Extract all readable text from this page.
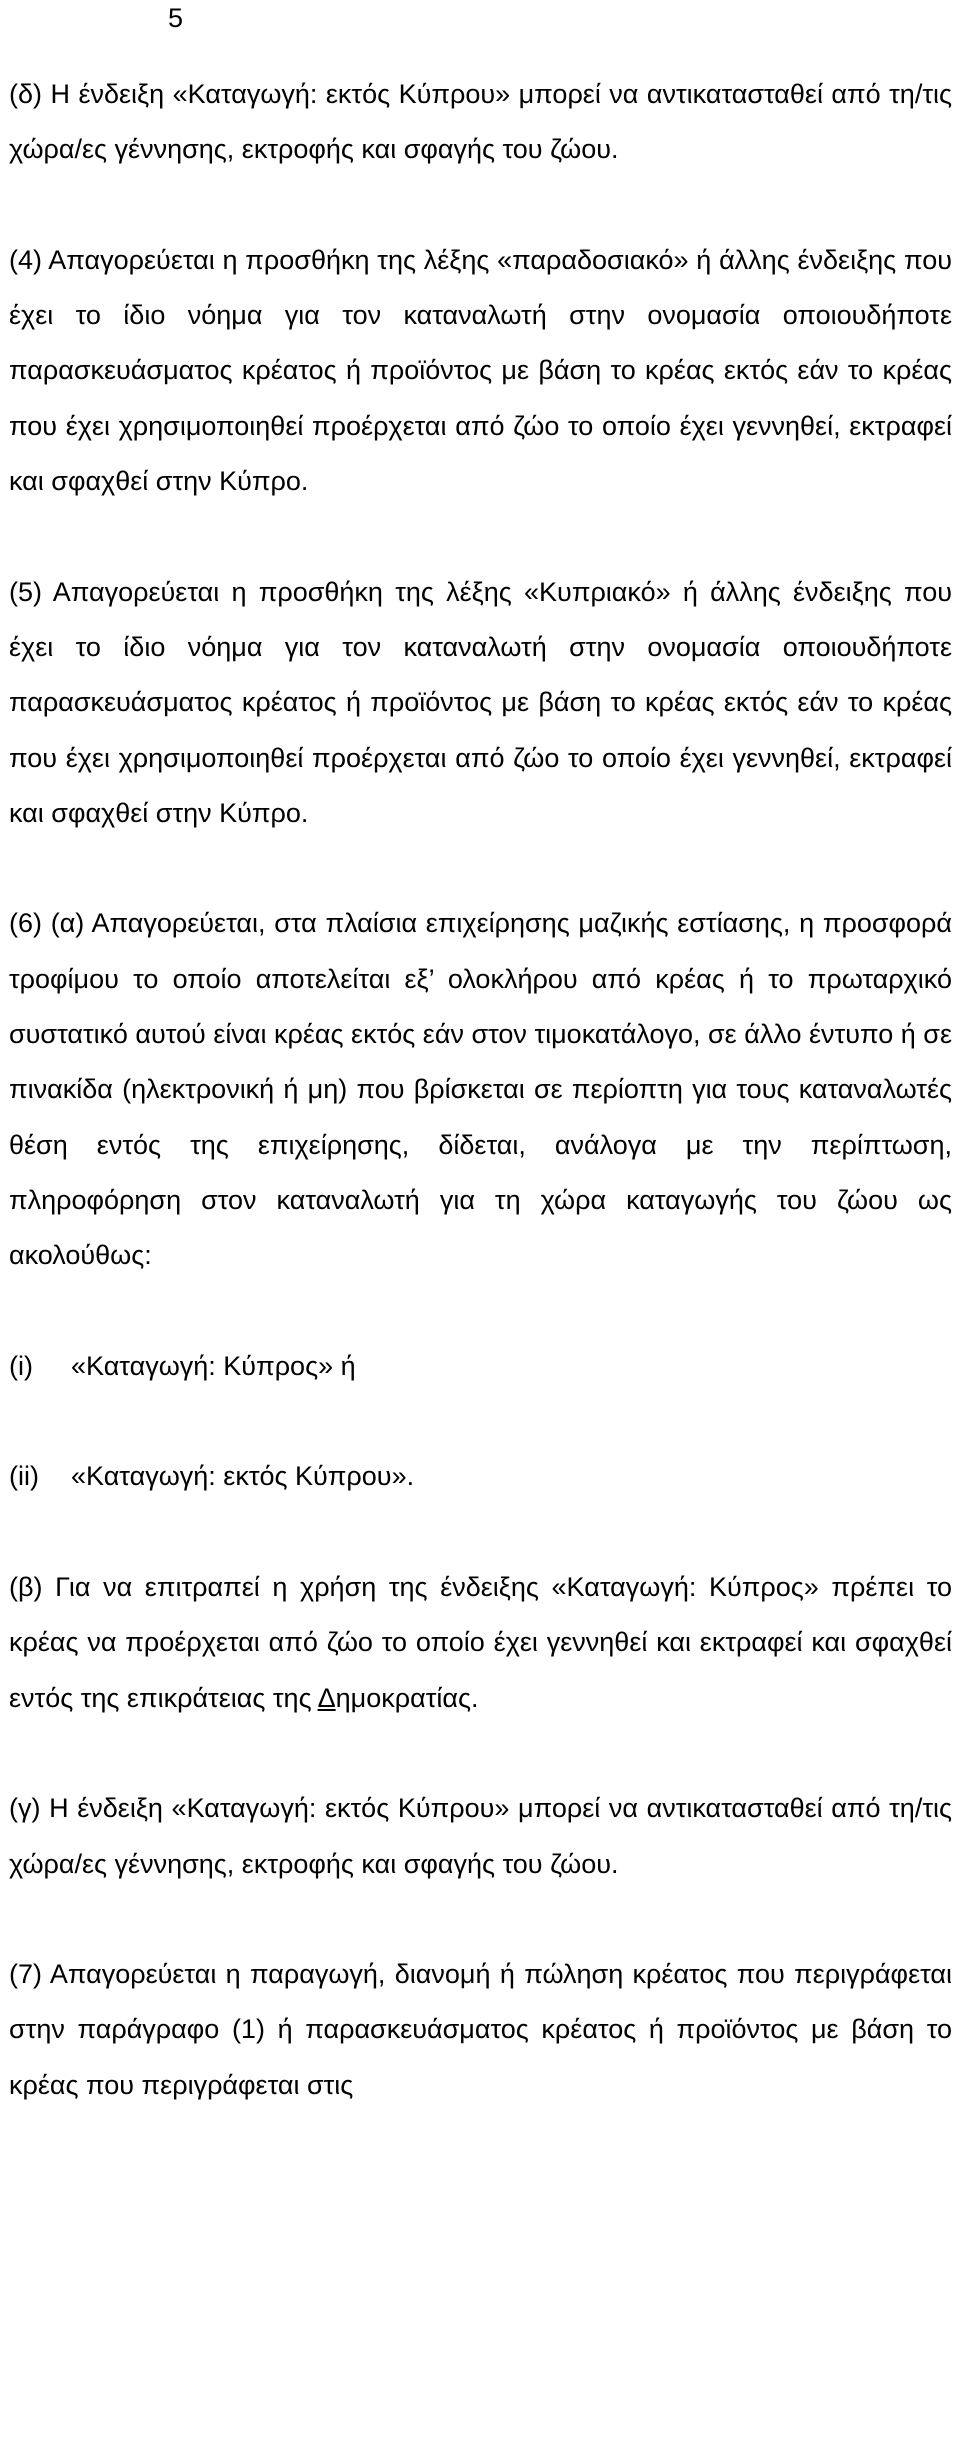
5

(δ) Η ένδειξη «Καταγωγή: εκτός Κύπρου» μπορεί να αντικατασταθεί από τη/τις χώρα/ες γέννησης, εκτροφής και σφαγής του ζώου.

(4) Απαγορεύεται η προσθήκη της λέξης «παραδοσιακό» ή άλλης ένδειξης που έχει το ίδιο νόημα για τον καταναλωτή στην ονομασία οποιουδήποτε παρασκευάσματος κρέατος ή προϊόντος με βάση το κρέας εκτός εάν το κρέας που έχει χρησιμοποιηθεί προέρχεται από ζώο το οποίο έχει γεννηθεί, εκτραφεί και σφαχθεί στην Κύπρο.

(5) Απαγορεύεται η προσθήκη της λέξης «Κυπριακό» ή άλλης ένδειξης που έχει το ίδιο νόημα για τον καταναλωτή στην ονομασία οποιουδήποτε παρασκευάσματος κρέατος ή προϊόντος με βάση το κρέας εκτός εάν το κρέας που έχει χρησιμοποιηθεί προέρχεται από ζώο το οποίο έχει γεννηθεί, εκτραφεί και σφαχθεί στην Κύπρο.

(6) (α) Απαγορεύεται, στα πλαίσια επιχείρησης μαζικής εστίασης, η προσφορά τροφίμου το οποίο αποτελείται εξ’ ολοκλήρου από κρέας ή το πρωταρχικό συστατικό αυτού είναι κρέας εκτός εάν στον τιμοκατάλογο, σε άλλο έντυπο ή σε πινακίδα (ηλεκτρονική ή μη) που βρίσκεται σε περίοπτη για τους καταναλωτές θέση εντός της επιχείρησης, δίδεται, ανάλογα με την περίπτωση, πληροφόρηση στον καταναλωτή για τη χώρα καταγωγής του ζώου ως ακολούθως:

(i)	«Καταγωγή: Κύπρος» ή
(ii)	«Καταγωγή: εκτός Κύπρου».

(β) Για να επιτραπεί η χρήση της ένδειξης «Καταγωγή: Κύπρος» πρέπει το κρέας να προέρχεται από ζώο το οποίο έχει γεννηθεί και εκτραφεί και σφαχθεί εντός της επικράτειας της Δημοκρατίας.

(γ) Η ένδειξη «Καταγωγή: εκτός Κύπρου» μπορεί να αντικατασταθεί από τη/τις χώρα/ες γέννησης, εκτροφής και σφαγής του ζώου.

(7) Απαγορεύεται η παραγωγή, διανομή ή πώληση κρέατος που περιγράφεται στην παράγραφο (1) ή παρασκευάσματος κρέατος ή προϊόντος με βάση το κρέας που περιγράφεται στις
